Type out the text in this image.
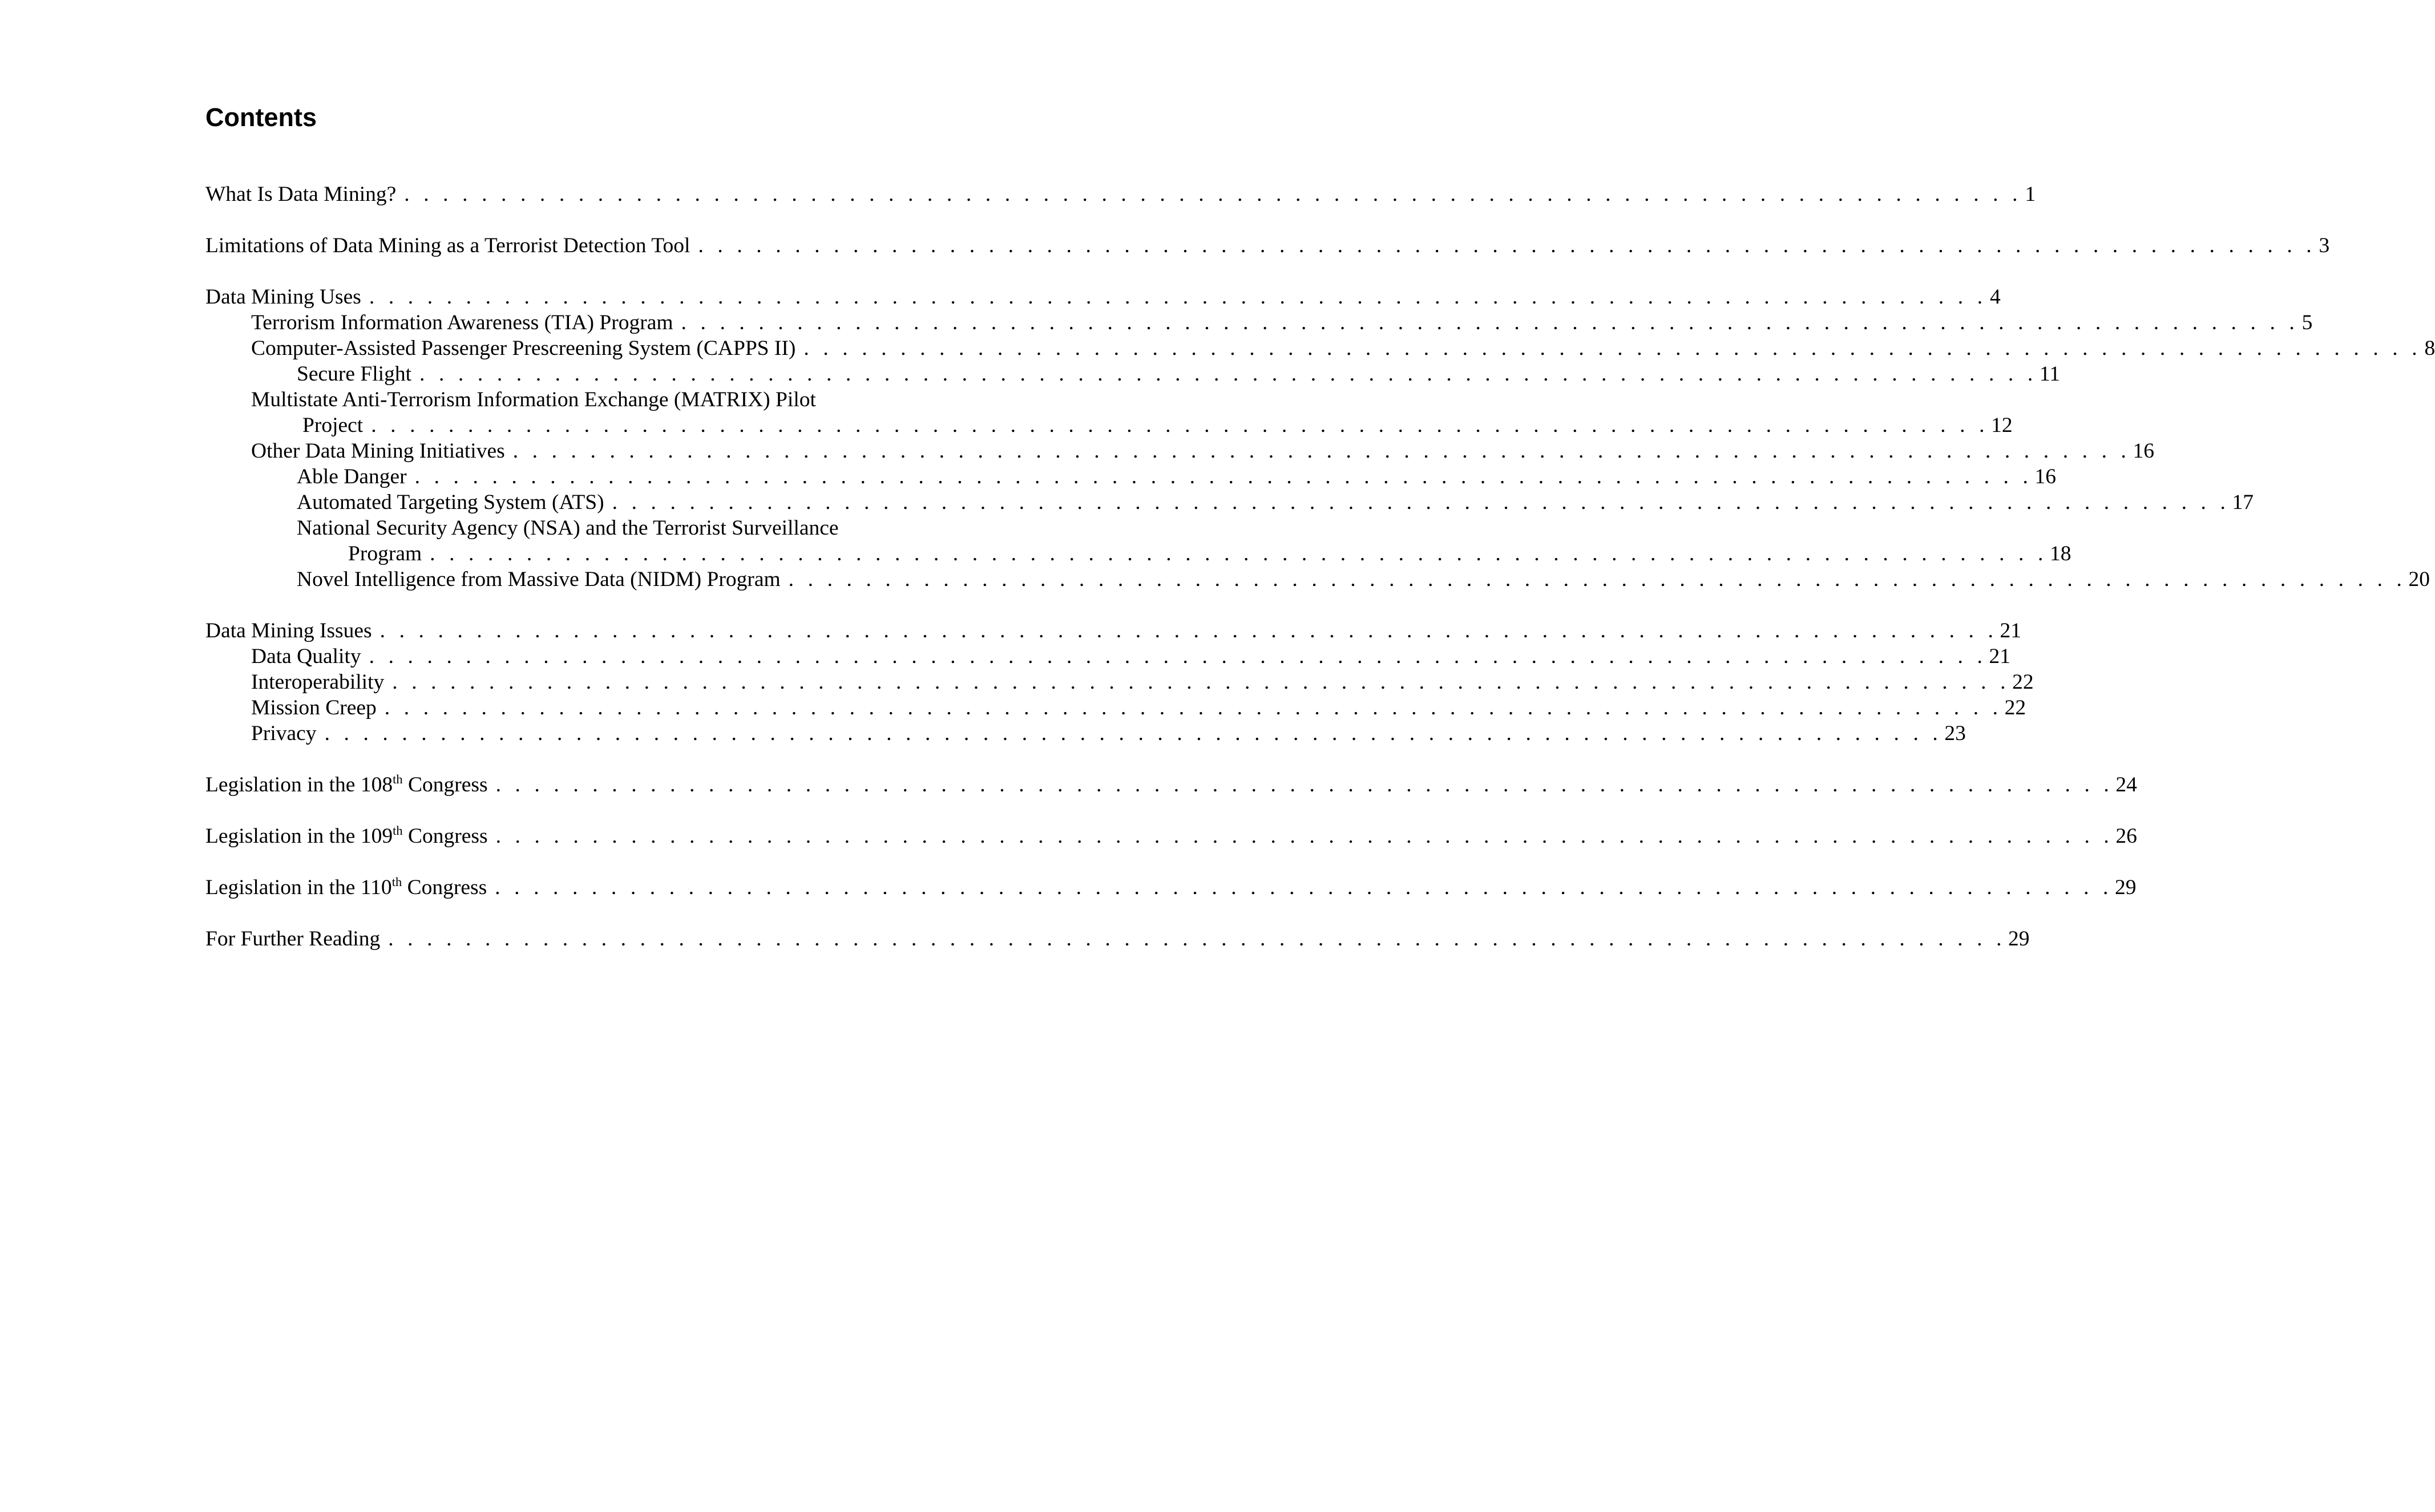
Contents
What Is Data Mining? . . . . . . . . . . . . . . . . . . . . . . . . . . . . . . . . . . . . . . . . . . . . . . . . . . . . . . . . . . . . . . . . . . . . . . . . . . . . . . . . . . . . 1
Limitations of Data Mining as a Terrorist Detection Tool . . . . . . . . . . . . . . . . . . . . . . . . . . . . . . . . . . . . . . . . . . . . . . . . . . . . . . . . . . . . . . . . . . . . . . . . . . . . . . . . . . . . 3
Data Mining Uses . . . . . . . . . . . . . . . . . . . . . . . . . . . . . . . . . . . . . . . . . . . . . . . . . . . . . . . . . . . . . . . . . . . . . . . . . . . . . . . . . . . . 4
Terrorism Information Awareness (TIA) Program . . . . . . . . . . . . . . . . . . . . . . . . . . . . . . . . . . . . . . . . . . . . . . . . . . . . . . . . . . . . . . . . . . . . . . . . . . . . . . . . . . . . 5
Computer-Assisted Passenger Prescreening System (CAPPS II) . . . . . . . . . . . . . . . . . . . . . . . . . . . . . . . . . . . . . . . . . . . . . . . . . . . . . . . . . . . . . . . . . . . . . . . . . . . . . . . . . . . . 8
Secure Flight . . . . . . . . . . . . . . . . . . . . . . . . . . . . . . . . . . . . . . . . . . . . . . . . . . . . . . . . . . . . . . . . . . . . . . . . . . . . . . . . . . . . 11
Multistate Anti-Terrorism Information Exchange (MATRIX) Pilot
Project . . . . . . . . . . . . . . . . . . . . . . . . . . . . . . . . . . . . . . . . . . . . . . . . . . . . . . . . . . . . . . . . . . . . . . . . . . . . . . . . . . . . 12
Other Data Mining Initiatives . . . . . . . . . . . . . . . . . . . . . . . . . . . . . . . . . . . . . . . . . . . . . . . . . . . . . . . . . . . . . . . . . . . . . . . . . . . . . . . . . . . . 16
Able Danger . . . . . . . . . . . . . . . . . . . . . . . . . . . . . . . . . . . . . . . . . . . . . . . . . . . . . . . . . . . . . . . . . . . . . . . . . . . . . . . . . . . . 16
Automated Targeting System (ATS) . . . . . . . . . . . . . . . . . . . . . . . . . . . . . . . . . . . . . . . . . . . . . . . . . . . . . . . . . . . . . . . . . . . . . . . . . . . . . . . . . . . . 17
National Security Agency (NSA) and the Terrorist Surveillance
Program . . . . . . . . . . . . . . . . . . . . . . . . . . . . . . . . . . . . . . . . . . . . . . . . . . . . . . . . . . . . . . . . . . . . . . . . . . . . . . . . . . . . 18
Novel Intelligence from Massive Data (NIDM) Program . . . . . . . . . . . . . . . . . . . . . . . . . . . . . . . . . . . . . . . . . . . . . . . . . . . . . . . . . . . . . . . . . . . . . . . . . . . . . . . . . . . . 20
Data Mining Issues . . . . . . . . . . . . . . . . . . . . . . . . . . . . . . . . . . . . . . . . . . . . . . . . . . . . . . . . . . . . . . . . . . . . . . . . . . . . . . . . . . . . 21
Data Quality . . . . . . . . . . . . . . . . . . . . . . . . . . . . . . . . . . . . . . . . . . . . . . . . . . . . . . . . . . . . . . . . . . . . . . . . . . . . . . . . . . . . 21
Interoperability . . . . . . . . . . . . . . . . . . . . . . . . . . . . . . . . . . . . . . . . . . . . . . . . . . . . . . . . . . . . . . . . . . . . . . . . . . . . . . . . . . . . 22
Mission Creep . . . . . . . . . . . . . . . . . . . . . . . . . . . . . . . . . . . . . . . . . . . . . . . . . . . . . . . . . . . . . . . . . . . . . . . . . . . . . . . . . . . . 22
Privacy . . . . . . . . . . . . . . . . . . . . . . . . . . . . . . . . . . . . . . . . . . . . . . . . . . . . . . . . . . . . . . . . . . . . . . . . . . . . . . . . . . . . 23
Legislation in the 108th Congress . . . . . . . . . . . . . . . . . . . . . . . . . . . . . . . . . . . . . . . . . . . . . . . . . . . . . . . . . . . . . . . . . . . . . . . . . . . . . . . . . . . . 24
Legislation in the 109th Congress . . . . . . . . . . . . . . . . . . . . . . . . . . . . . . . . . . . . . . . . . . . . . . . . . . . . . . . . . . . . . . . . . . . . . . . . . . . . . . . . . . . . 26
Legislation in the 110th Congress . . . . . . . . . . . . . . . . . . . . . . . . . . . . . . . . . . . . . . . . . . . . . . . . . . . . . . . . . . . . . . . . . . . . . . . . . . . . . . . . . . . . 29
For Further Reading . . . . . . . . . . . . . . . . . . . . . . . . . . . . . . . . . . . . . . . . . . . . . . . . . . . . . . . . . . . . . . . . . . . . . . . . . . . . . . . . . . . . 29
